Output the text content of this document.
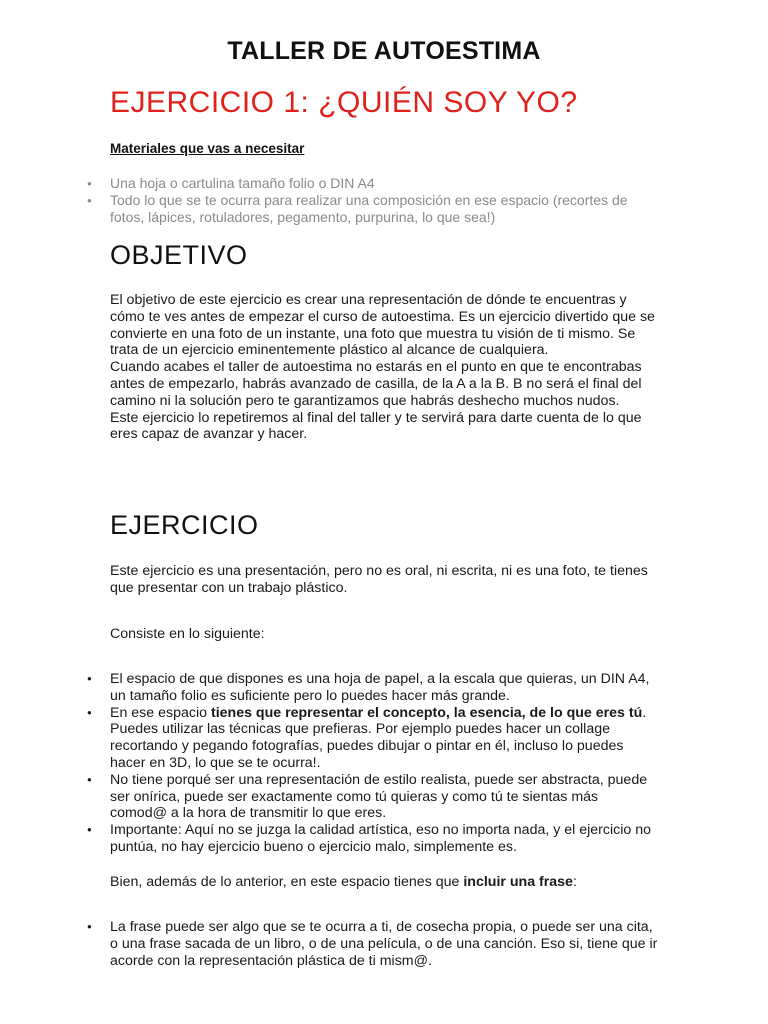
TALLER DE AUTOESTIMA
EJERCICIO 1: ¿QUIÉN SOY YO?
Materiales que vas a necesitar
● Una hoja o cartulina tamaño folio o DIN A4
● Todo lo que se te ocurra para realizar una composición en ese espacio (recortes de fotos, lápices, rotuladores, pegamento, purpurina, lo que sea!)
OBJETIVO
El objetivo de este ejercicio es crear una representación de dónde te encuentras y cómo te ves antes de empezar el curso de autoestima. Es un ejercicio divertido que se convierte en una foto de un instante, una foto que muestra tu visión de ti mismo. Se trata de un ejercicio eminentemente plástico al alcance de cualquiera.
Cuando acabes el taller de autoestima no estarás en el punto en que te encontrabas antes de empezarlo, habrás avanzado de casilla, de la A a la B. B no será el final del camino ni la solución pero te garantizamos que habrás deshecho muchos nudos.
Este ejercicio lo repetiremos al final del taller y te servirá para darte cuenta de lo que eres capaz de avanzar y hacer.
EJERCICIO
Este ejercicio es una presentación, pero no es oral, ni escrita, ni es una foto, te tienes que presentar con un trabajo plástico.
Consiste en lo siguiente:
● El espacio de que dispones es una hoja de papel, a la escala que quieras, un DIN A4, un tamaño folio es suficiente pero lo puedes hacer más grande.
● En ese espacio tienes que representar el concepto, la esencia, de lo que eres tú. Puedes utilizar las técnicas que prefieras. Por ejemplo puedes hacer un collage recortando y pegando fotografías, puedes dibujar o pintar en él, incluso lo puedes hacer en 3D, lo que se te ocurra!.
● No tiene porqué ser una representación de estilo realista, puede ser abstracta, puede ser onírica, puede ser exactamente como tú quieras y como tú te sientas más comod@ a la hora de transmitir lo que eres.
● Importante: Aquí no se juzga la calidad artística, eso no importa nada, y el ejercicio no puntúa, no hay ejercicio bueno o ejercicio malo, simplemente es.
Bien, además de lo anterior, en este espacio tienes que incluir una frase:
● La frase puede ser algo que se te ocurra a ti, de cosecha propia, o puede ser una cita, o una frase sacada de un libro, o de una película, o de una canción. Eso si, tiene que ir acorde con la representación plástica de ti mism@.
